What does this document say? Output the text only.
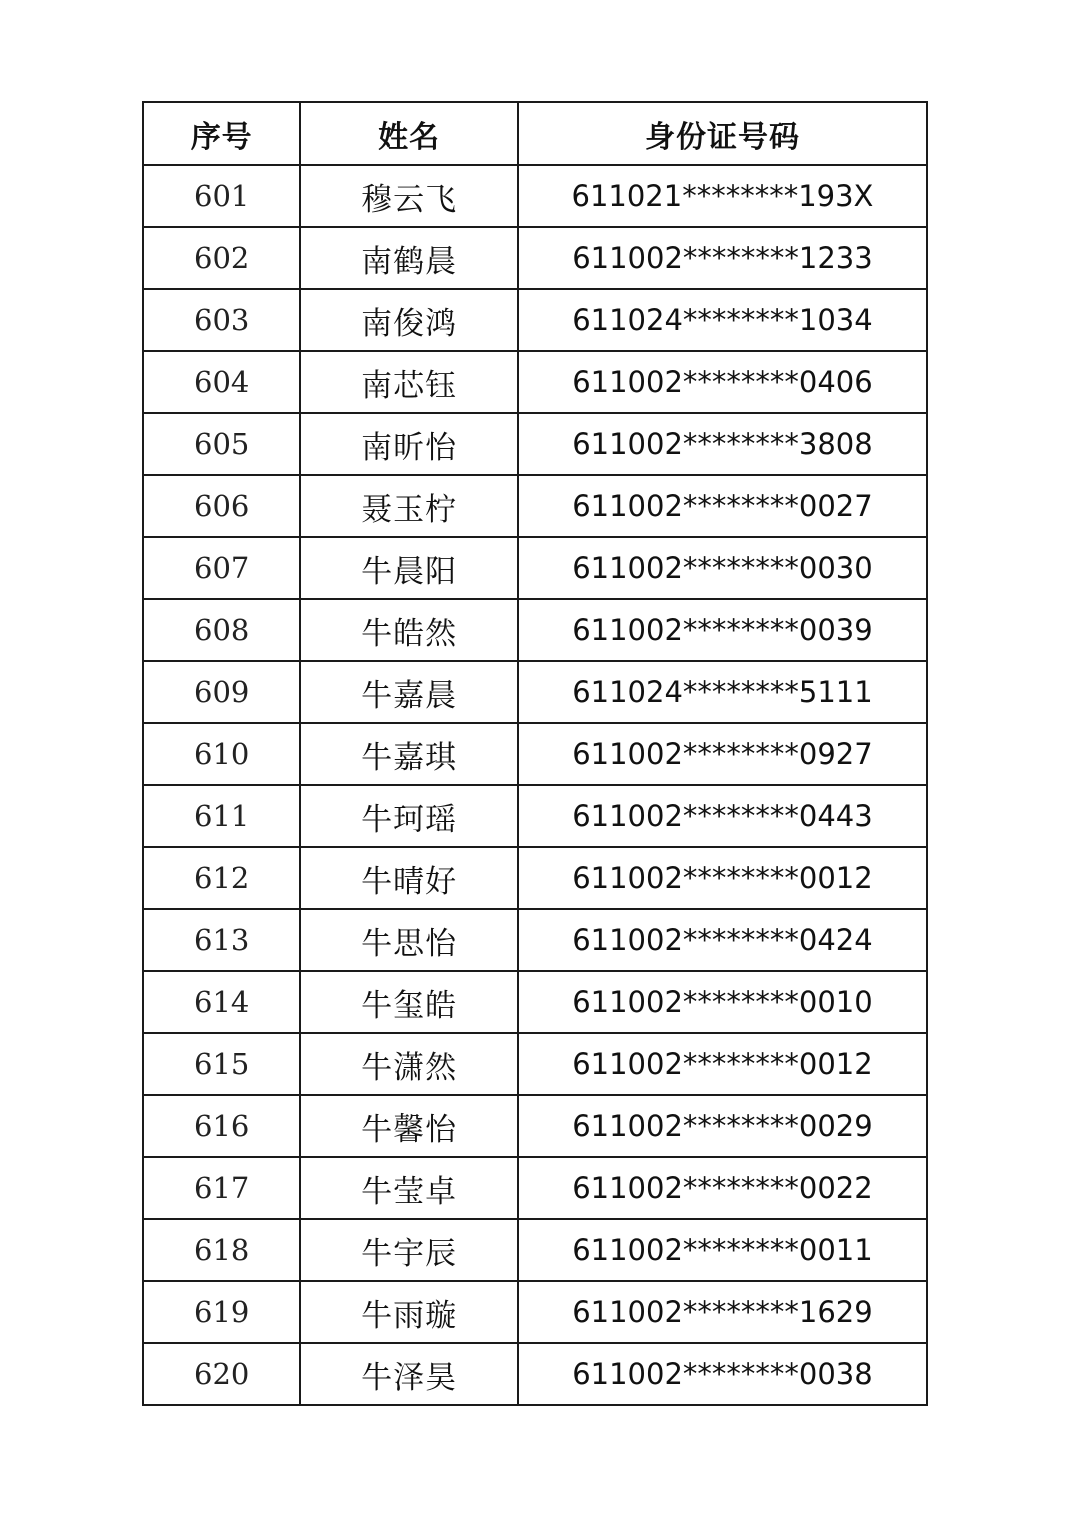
序号	姓名	身份证号码
601	穆云飞	611021********193X
602	南鹤晨	611002********1233
603	南俊鸿	611024********1034
604	南芯钰	611002********0406
605	南昕怡	611002********3808
606	聂玉柠	611002********0027
607	牛晨阳	611002********0030
608	牛皓然	611002********0039
609	牛嘉晨	611024********5111
610	牛嘉琪	611002********0927
611	牛珂瑶	611002********0443
612	牛晴好	611002********0012
613	牛思怡	611002********0424
614	牛玺皓	611002********0010
615	牛潇然	611002********0012
616	牛馨怡	611002********0029
617	牛莹卓	611002********0022
618	牛宇辰	611002********0011
619	牛雨璇	611002********1629
620	牛泽昊	611002********0038
